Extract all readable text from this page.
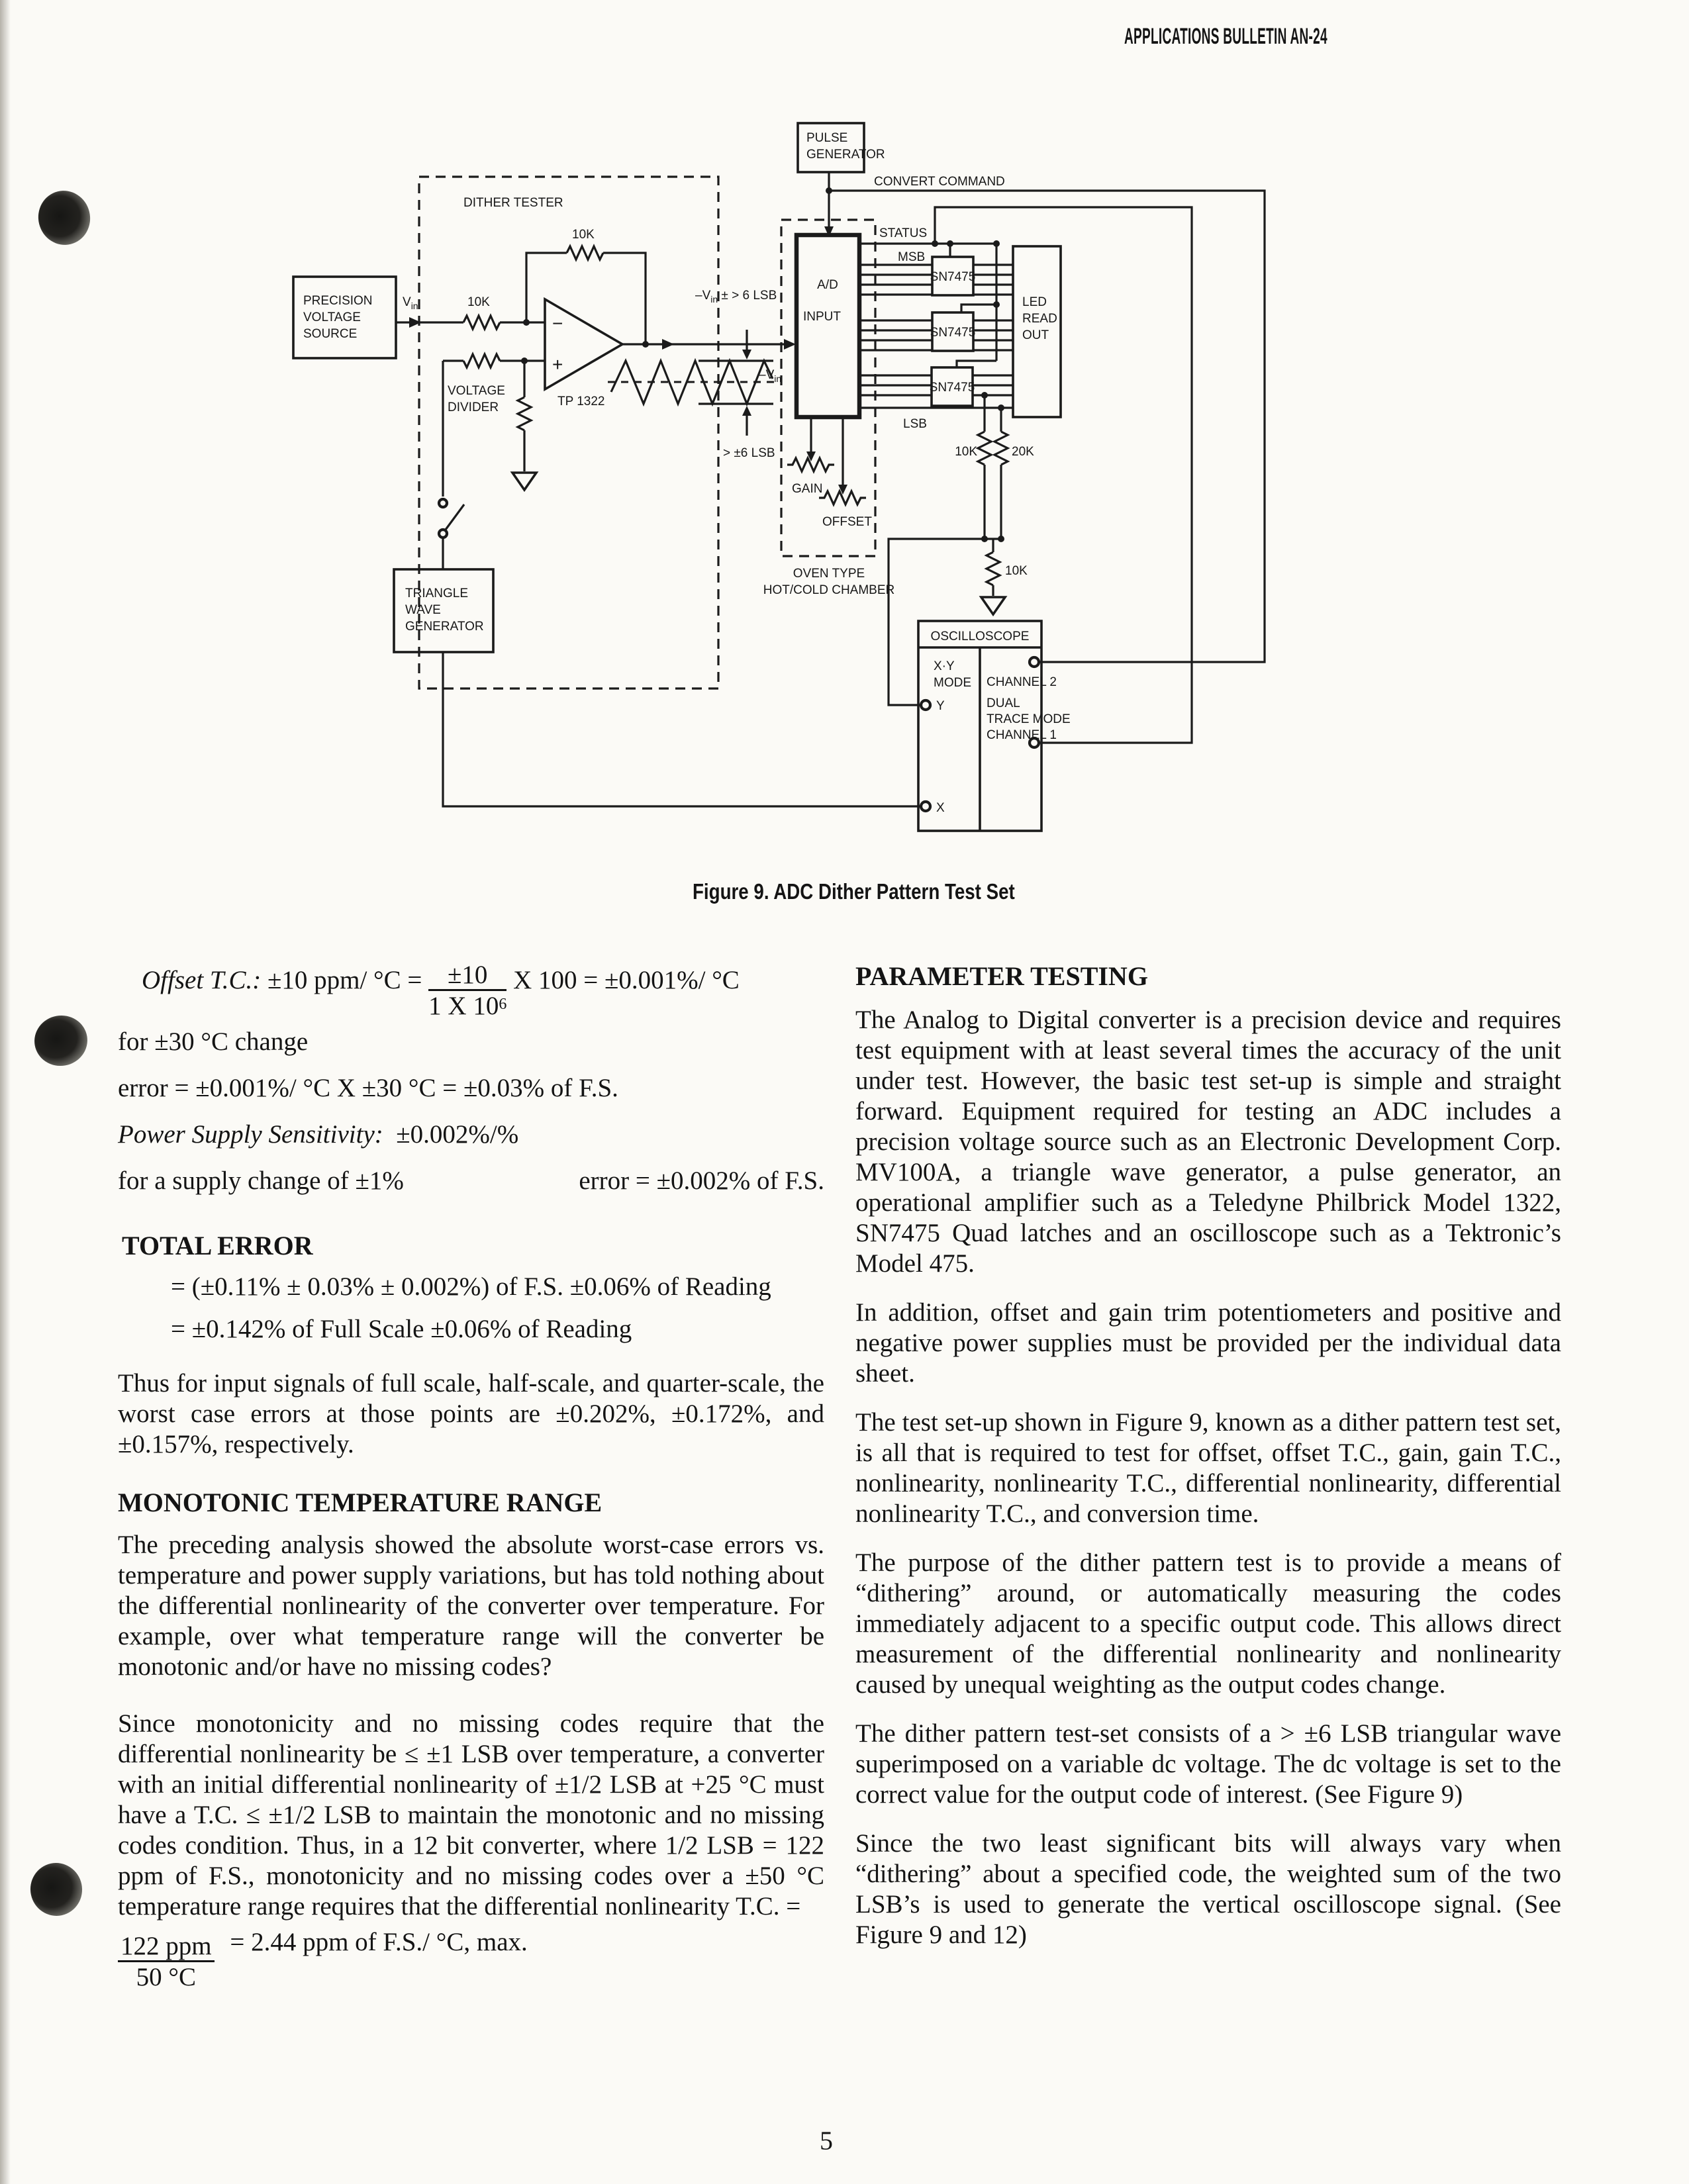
APPLICATIONS BULLETIN AN-24
−
+
DITHER TESTER
PRECISION
VOLTAGE
SOURCE
$V_{in}$	10K
10K
TP 1322
VOLTAGE
DIVIDER
$-V_{in}$ ± > 6 LSB
$-V_{in}$
> ±6 LSB
TRIANGLE
WAVE
GENERATOR
PULSE
GENERATOR
CONVERT COMMAND
STATUS
MSB
LSB
A/D
INPUT
SN7475
SN7475
SN7475
LED
READ
OUT
10K	20K
10K
GAIN
OFFSET
OVEN TYPE
HOT/COLD CHAMBER
OSCILLOSCOPE
X·Y
MODE CHANNEL 2
DUAL
TRACE MODE
CHANNEL 1
Y
X
Figure 9. ADC Dither Pattern Test Set
Offset T.C.: ±10 ppm/ $^\circ C = \frac{\pm 10}{1 X 10^6}$ X 100 = ±0.001%/ °C
for ±30 °C change
error = ±0.001%/ °C X ±30 °C = ±0.03% of F.S.
Power Supply Sensitivity:  ±0.002%/%
for a supply change of ±1%	error = ±0.002% of F.S.
TOTAL ERROR
= (±0.11% ± 0.03% ± 0.002%) of F.S. ±0.06% of Reading
= ±0.142% of Full Scale ±0.06% of Reading

Thus for input signals of full scale, half-scale, and quarter-scale, the worst case errors at those points are ±0.202%, ±0.172%, and ±0.157%, respectively.

MONOTONIC TEMPERATURE RANGE

The preceding analysis showed the absolute worst-case errors vs. temperature and power supply variations, but has told nothing about the differential nonlinearity of the converter over temperature. For example, over what temperature range will the converter be monotonic and/or have no missing codes?

Since monotonicity and no missing codes require that the differential nonlinearity be ≤ ±1 LSB over temperature, a converter with an initial differential nonlinearity of ±1/2 LSB at +25 °C must have a T.C. ≤ ±1/2 LSB to maintain the monotonic and no missing codes condition. Thus, in a 12 bit converter, where 1/2 LSB = 122 ppm of F.S., monotonicity and no missing codes over a ±50 °C temperature range requires that the differential nonlinearity T.C. =

122 ppm
50 °C
= 2.44 ppm of F.S./ °C, max.
PARAMETER TESTING

The Analog to Digital converter is a precision device and requires test equipment with at least several times the accuracy of the unit under test. However, the basic test set-up is simple and straight forward. Equipment required for testing an ADC includes a precision voltage source such as an Electronic Development Corp. MV100A, a triangle wave generator, a pulse generator, an operational amplifier such as a Teledyne Philbrick Model 1322, SN7475 Quad latches and an oscilloscope such as a Tektronic’s Model 475.

In addition, offset and gain trim potentiometers and positive and negative power supplies must be provided per the individual data sheet.

The test set-up shown in Figure 9, known as a dither pattern test set, is all that is required to test for offset, offset T.C., gain, gain T.C., nonlinearity, nonlinearity T.C., differential nonlinearity, differential nonlinearity T.C., and conversion time.

The purpose of the dither pattern test is to provide a means of “dithering” around, or automatically measuring the codes immediately adjacent to a specific output code. This allows direct measurement of the differential nonlinearity and nonlinearity caused by unequal weighting as the output codes change.

The dither pattern test-set consists of a > ±6 LSB triangular wave superimposed on a variable dc voltage. The dc voltage is set to the correct value for the output code of interest. (See Figure 9)

Since the two least significant bits will always vary when “dithering” about a specified code, the weighted sum of the two LSB’s is used to generate the vertical oscilloscope signal. (See Figure 9 and 12)

5
